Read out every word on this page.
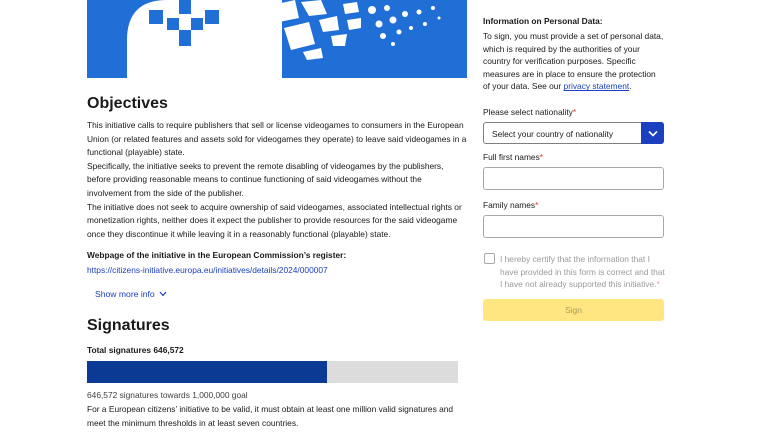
Objectives

This initiative calls to require publishers that sell or license videogames to consumers in the European Union (or related features and assets sold for videogames they operate) to leave said videogames in a functional (playable) state.

Specifically, the initiative seeks to prevent the remote disabling of videogames by the publishers, before providing reasonable means to continue functioning of said videogames without the involvement from the side of the publisher.

The initiative does not seek to acquire ownership of said videogames, associated intellectual rights or monetization rights, neither does it expect the publisher to provide resources for the said videogame once they discontinue it while leaving it in a reasonably functional (playable) state.

Webpage of the initiative in the European Commission’s register:
https://citizens-initiative.europa.eu/initiatives/details/2024/000007
Show more info
Signatures
Total signatures 646,572
646,572 signatures towards 1,000,000 goal
For a European citizens’ initiative to be valid, it must obtain at least one million valid signatures and meet the minimum thresholds in at least seven countries.
Information on Personal Data:
To sign, you must provide a set of personal data, which is required by the authorities of your country for verification purposes. Specific measures are in place to ensure the protection of your data. See our privacy statement.
Please select nationality*
Select your country of nationality
Full first names*
Family names*
I hereby certify that the information that I have provided in this form is correct and that I have not already supported this initiative.*
Sign
